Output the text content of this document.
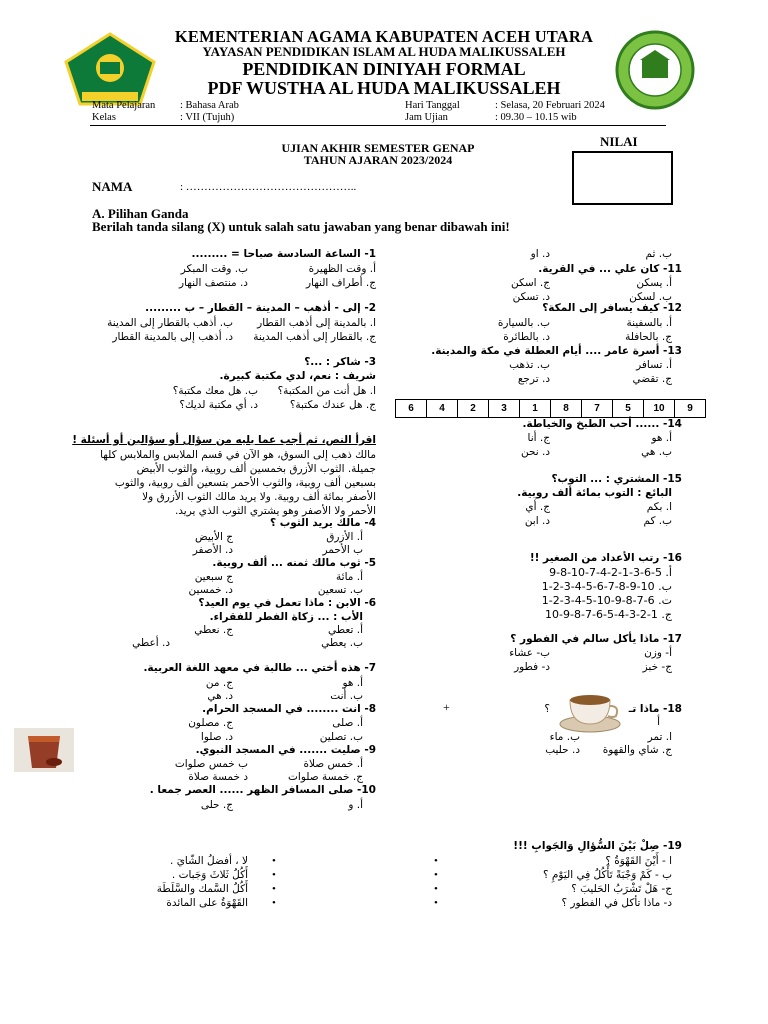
KEMENTERIAN AGAMA KABUPATEN ACEH UTARA
YAYASAN PENDIDIKAN ISLAM AL HUDA MALIKUSSALEH
PENDIDIKAN DINIYAH FORMAL
PDF WUSTHA AL HUDA MALIKUSSALEH
Mata Pelajaran : Bahasa Arab	Hari Tanggal	: Selasa, 20 Februari 2024
Kelas	: VII (Tujuh)	Jam Ujian	: 09.30 – 10.15 wib
UJIAN AKHIR SEMESTER GENAP
TAHUN AJARAN 2023/2024
NILAI
NAMA	: ………………………………………..
A. Pilihan Ganda
Berilah tanda silang (X) untuk salah satu jawaban yang benar dibawah ini!
1- الساعة السادسة صباحا = .........
أ. وقت الظهيرة
ب. وقت المبكر
ج. أطراف النهار
د. منتصف النهار
2- إلى - أذهب – المدينة – القطار – ب .........
ا. بالمدينة إلى أذهب القطار
ب. أذهب بالقطار إلى المدينة
ج. بالقطار إلى أذهب المدينة
د. أذهب إلى بالمدينة القطار
3- شاكر : ...؟
شريف : نعم، لدي مكتبة كبيرة.
ا. هل أنت من المكتبة؟
ب. هل معك مكتبة؟
ج. هل عندك مكتبة؟
د. أي مكتبة لديك؟
اقرأ النص، ثم أجب عما يليه من سؤال أو سؤالين أو أسئلة !
مالك ذهب إلى السوق، هو الآن في قسم الملابس والملابس كلها
جميلة. الثوب الأزرق بخمسين ألف روبية، والثوب الأبيض
بسبعين ألف روبية، والثوب الأحمر بتسعين ألف روبية، والثوب
الأصفر بمائة ألف روبية. ولا يريد مالك الثوب الأزرق ولا
الأحمر ولا الأصفر وهو يشتري الثوب الذي يريد.
4- مالك يريد الثوب ؟
أ. الأزرق
ج الأبيض
ب الأحمر
د. الأصفر
5- ثوب مالك ثمنه ... ألف روبية.
أ. مائة
ج سبعين
ب. تسعين
د. خمسين
6- الابن : ماذا تعمل في يوم العيد؟
الأب : ... زكاة الفطر للفقراء.
أ. تعطي
ج. نعطي
ب. يعطي
د. أعطي
7- هذه أختي ... طالبة في معهد اللغة العربية.
أ. هو
ج. من
ب. أنت
د. هي
8- انت ........ في المسجد الحرام.
أ. صلى
ج. مصلون
ب. تصلين
د. صلوا
9- صليت ....... في المسجد النبوي.
أ. خمس صلاة
ب خمس صلوات
ج. خمسة صلوات
د خمسة صلاة
10- صلى المسافر الظهر ...... العصر جمعا .
أ. و
ج. حلى
ب. ثم
د. او
11- كان علي ... في القرية.
أ. يسكن
ج. اسكن
ب. لسكن
د. تسكن
12- كيف يسافر إلى المكة؟
أ. بالسفينة
ب. بالسيارة
ج. بالحافلة
د. بالطائرة
13- أسرة عامر .... أيام العطلة في مكة والمدينة.
أ. تسافر
ب. تذهب
ج. تقضي
د. ترجع
6	4	2	3	1	8	7	5 10 9
14- ...... أحب الطبخ والخياطة.
أ. هو
ج. أنا
ب. هي
د. نحن
15- المشتري : ... التوب؟
البائع : التوب بمائة ألف روبية.
ا. بكم
ج. أي
ب. كم
د. ابن
16- رتب الأعداد من الصغير !!
أ. 5-6-3-1-2-4-7-10-8-9
ب. 10-9-8-7-6-5-4-3-2-1
ت. 6-7-8-9-10-5-4-3-2-1
ج. 1-2-3-4-5-6-7-8-9-10
17- ماذا يأكل سالم في الفطور ؟
أ- وزن
ب- عشاء
ج- خبز
د- فطور
18- ماذا تـ
أ
؟
+
ا. تمر
ب. ماء
ج. شاي والقهوة
د. حليب
19- صِلْ بَيْنَ السُّؤالِ وَالجَوابِ !!!
ا - أَيْنَ القَهْوَةُ ؟
ب - كَمْ وَجْبَةً تَأْكُلُ فِي اليَوْمِ ؟
ج- هَلْ تَشْرَبُ الحَليبَ ؟
د- ماذا تأكل في الفطور ؟
•
•
•
•
•
•
•
•
لا ، أفضلُ الشّايَ .
أَكُلُ ثَلاثَ وَجَبات .
أَكُلُ السَّمك والسَّلَطَة
القَهْوَةُ على المائدة
